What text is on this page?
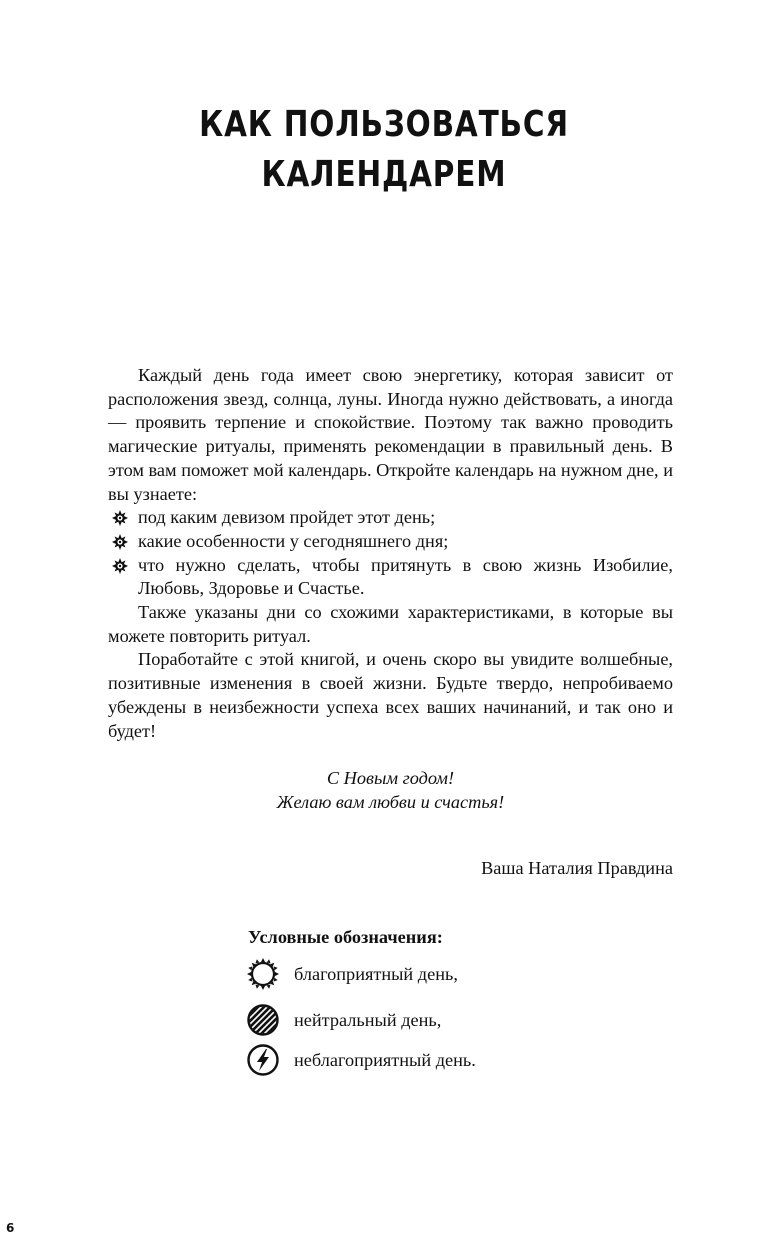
КАК ПОЛЬЗОВАТЬСЯ
КАЛЕНДАРЕМ

Каждый день года имеет свою энергетику, которая зависит от расположения звезд, солнца, луны. Иногда нужно действовать, а иногда — проявить терпение и спокойствие. Поэтому так важно проводить магические ритуалы, применять рекомендации в правильный день. В этом вам поможет мой календарь. Откройте календарь на нужном дне, и вы узнаете:

под каким девизом пройдет этот день;
какие особенности у сегодняшнего дня;
что нужно сделать, чтобы притянуть в свою жизнь Изобилие, Любовь, Здоровье и Счастье.

Также указаны дни со схожими характеристиками, в которые вы можете повторить ритуал.

Поработайте с этой книгой, и очень скоро вы увидите волшебные, позитивные изменения в своей жизни. Будьте твердо, непробиваемо убеждены в неизбежности успеха всех ваших начинаний, и так оно и будет!

С Новым годом!
Желаю вам любви и счастья!
Ваша Наталия Правдина
Условные обозначения:
благоприятный день,
нейтральный день,
неблагоприятный день.
6
